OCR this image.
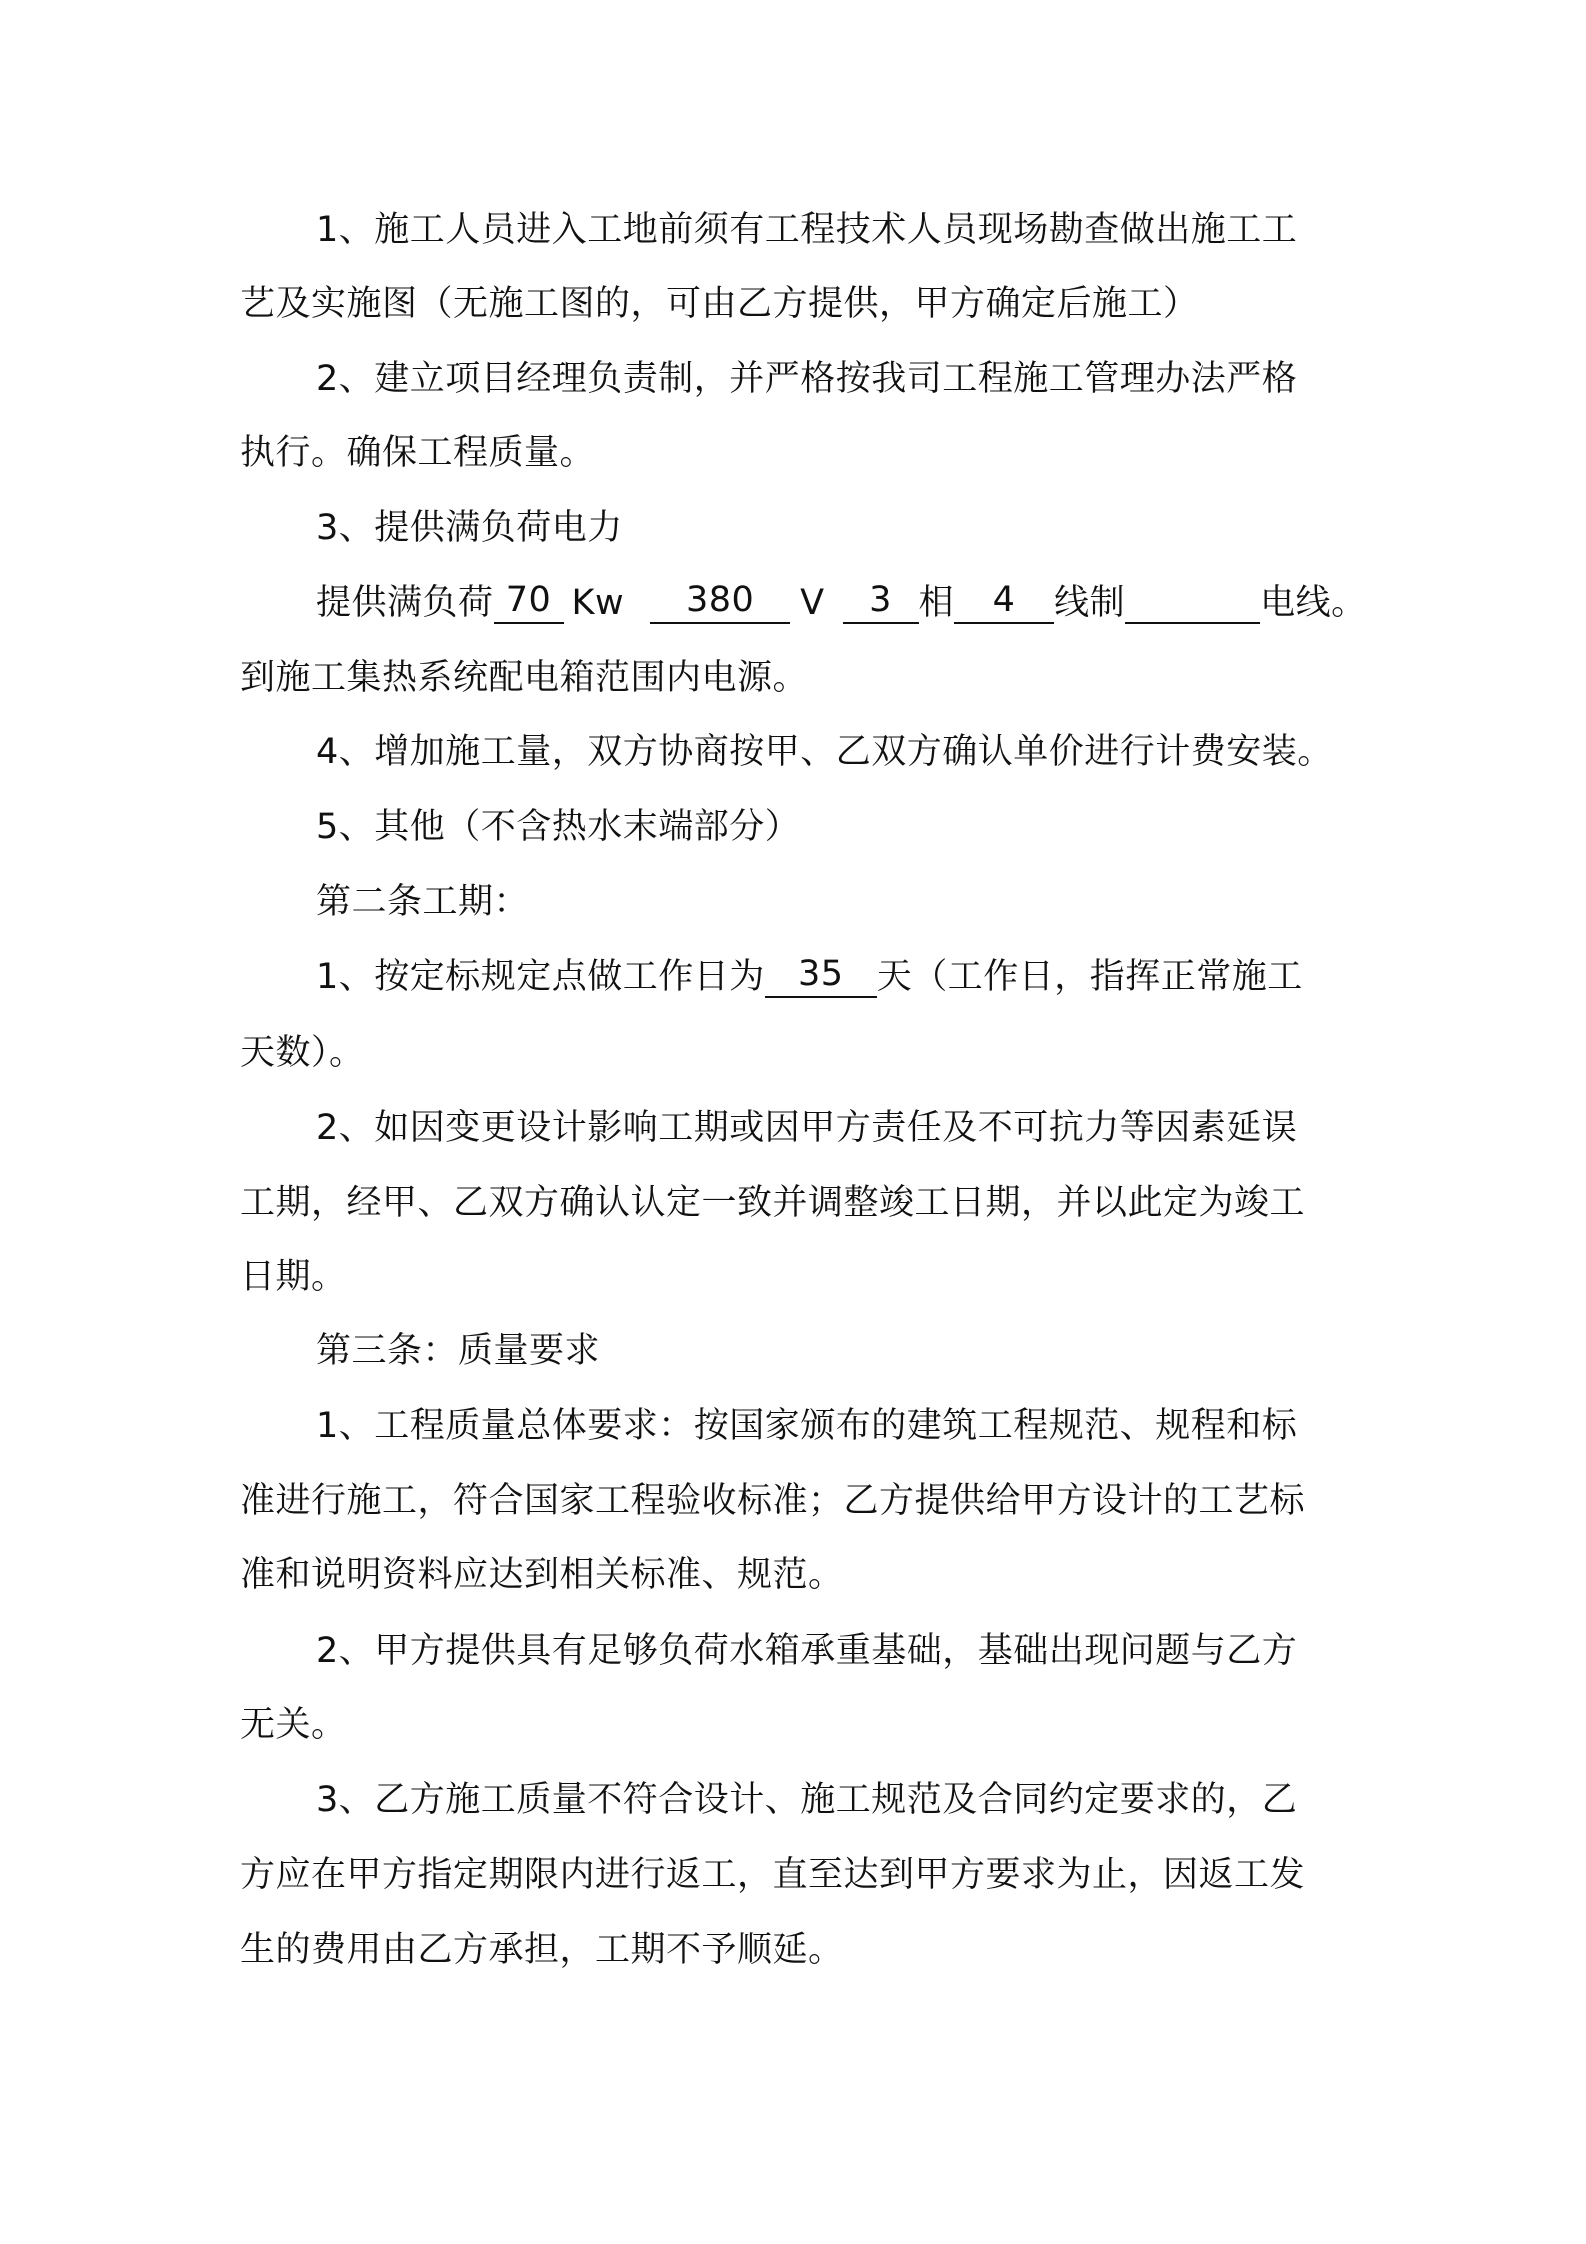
1、施工人员进入工地前须有工程技术人员现场勘查做出施工工
艺及实施图（无施工图的，可由乙方提供，甲方确定后施工）
2、建立项目经理负责制，并严格按我司工程施工管理办法严格
执行。确保工程质量。
3、提供满负荷电力
提供满负荷 70 Kw 380 V 3 相 4 线制	电线。
到施工集热系统配电箱范围内电源。
4、增加施工量，双方协商按甲、乙双方确认单价进行计费安装。
5、其他（不含热水末端部分）
第二条工期：
1、按定标规定点做工作日为 35 天（工作日，指挥正常施工
天数）。
2、如因变更设计影响工期或因甲方责任及不可抗力等因素延误
工期，经甲、乙双方确认认定一致并调整竣工日期，并以此定为竣工
日期。
第三条：质量要求
1、工程质量总体要求：按国家颁布的建筑工程规范、规程和标
准进行施工，符合国家工程验收标准；乙方提供给甲方设计的工艺标
准和说明资料应达到相关标准、规范。
2、甲方提供具有足够负荷水箱承重基础，基础出现问题与乙方
无关。
3、乙方施工质量不符合设计、施工规范及合同约定要求的，乙
方应在甲方指定期限内进行返工，直至达到甲方要求为止，因返工发
生的费用由乙方承担，工期不予顺延。
